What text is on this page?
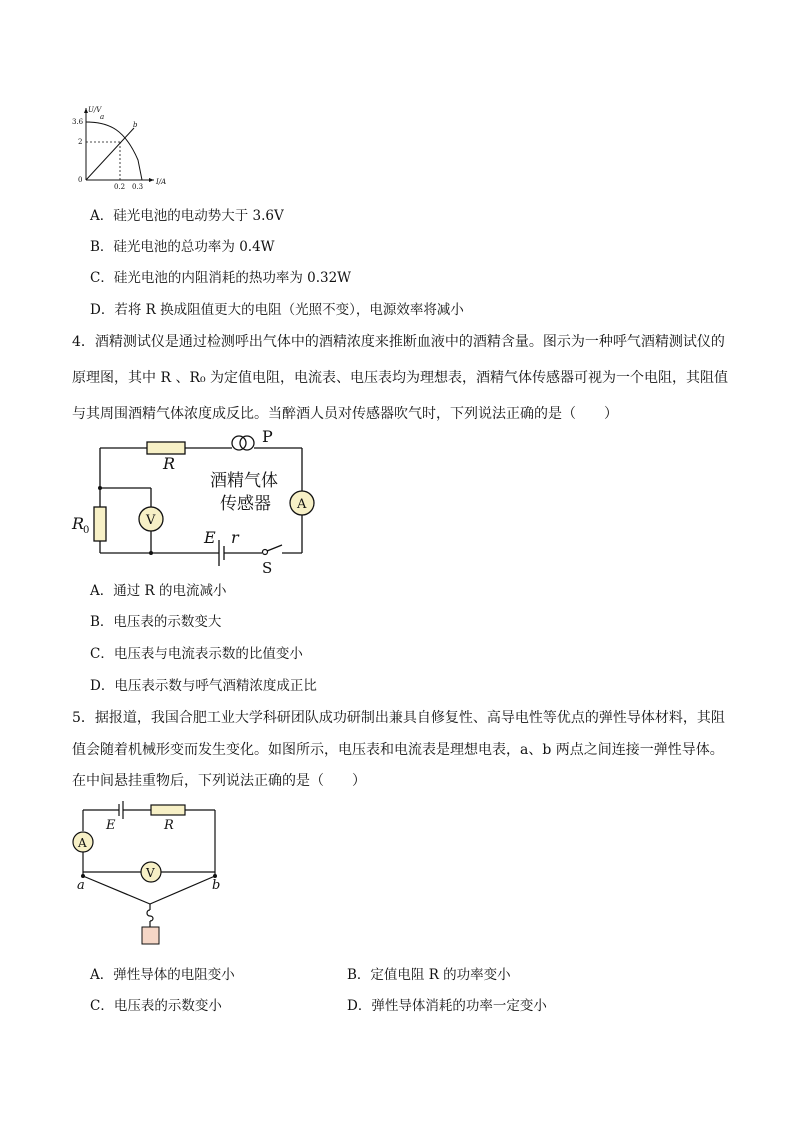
U/V
I/A
3.6
2
0
0.2 0.3
a
b
A．硅光电池的电动势大于 3.6V
B．硅光电池的总功率为 0.4W
C．硅光电池的内阻消耗的热功率为 0.32W
D．若将 R 换成阻值更大的电阻（光照不变），电源效率将减小
4．酒精测试仪是通过检测呼出气体中的酒精浓度来推断血液中的酒精含量。图示为一种呼气酒精测试仪的
原理图，其中 R 、R₀ 为定值电阻，电流表、电压表均为理想表，酒精气体传感器可视为一个电阻，其阻值
与其周围酒精气体浓度成反比。当醉酒人员对传感器吹气时，下列说法正确的是（　　）
A
V
R
P
酒精气体
传感器
R
0	E r
S
A．通过 R 的电流减小
B．电压表的示数变大
C．电压表与电流表示数的比值变小
D．电压表示数与呼气酒精浓度成正比
5．据报道，我国合肥工业大学科研团队成功研制出兼具自修复性、高导电性等优点的弹性导体材料，其阻
值会随着机械形变而发生变化。如图所示，电压表和电流表是理想电表，a、b 两点之间连接一弹性导体。
在中间悬挂重物后，下列说法正确的是（　　）
A
V
E	R
a	b
A．弹性导体的电阻变小	B．定值电阻 R 的功率变小
C．电压表的示数变小	D．弹性导体消耗的功率一定变小
